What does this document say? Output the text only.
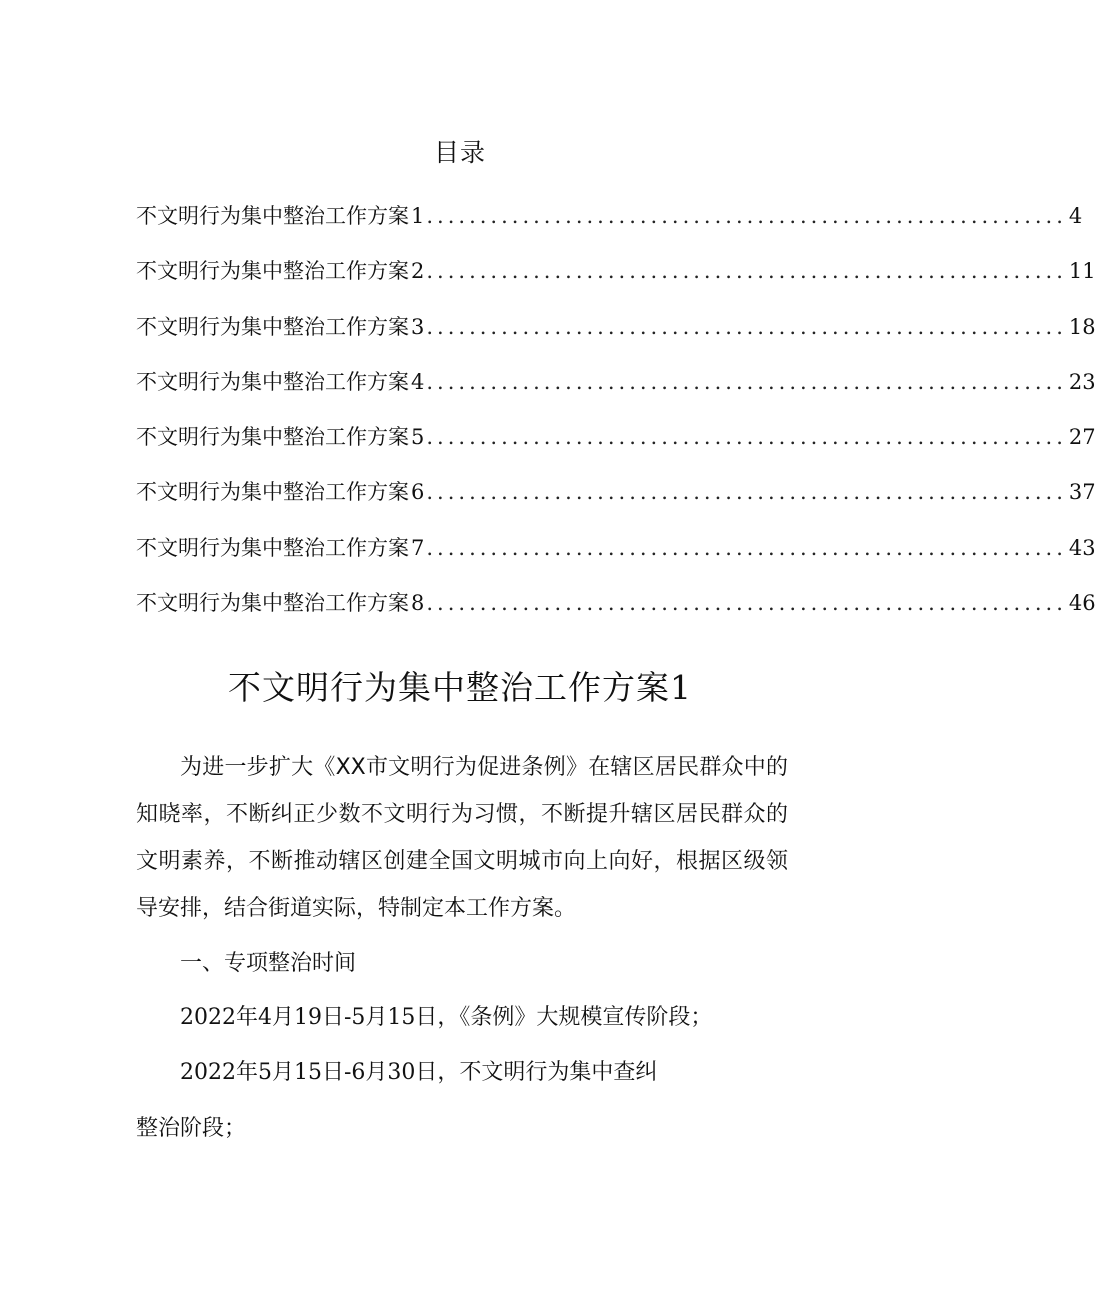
目录
不文明行为集中整治工作方案 1 ............................................................ 4
不文明行为集中整治工作方案 2 ............................................................ 11
不文明行为集中整治工作方案 3 ............................................................ 18
不文明行为集中整治工作方案 4 ............................................................ 23
不文明行为集中整治工作方案 5 ............................................................ 27
不文明行为集中整治工作方案 6 ............................................................ 37
不文明行为集中整治工作方案 7 ............................................................ 43
不文明行为集中整治工作方案 8 ............................................................ 46
不文明行为集中整治工作方案1
为进一步扩大《XX市文明行为促进条例》在辖区居民群众中的知晓率，不断纠正少数不文明行为习惯，不断提升辖区居民群众的文明素养，不断推动辖区创建全国文明城市向上向好，根据区级领导安排，结合街道实际，特制定本工作方案。
一、专项整治时间
2022年4月19日-5月15日，《条例》大规模宣传阶段；
2022年5月15日-6月30日，不文明行为集中查纠
整治阶段；
